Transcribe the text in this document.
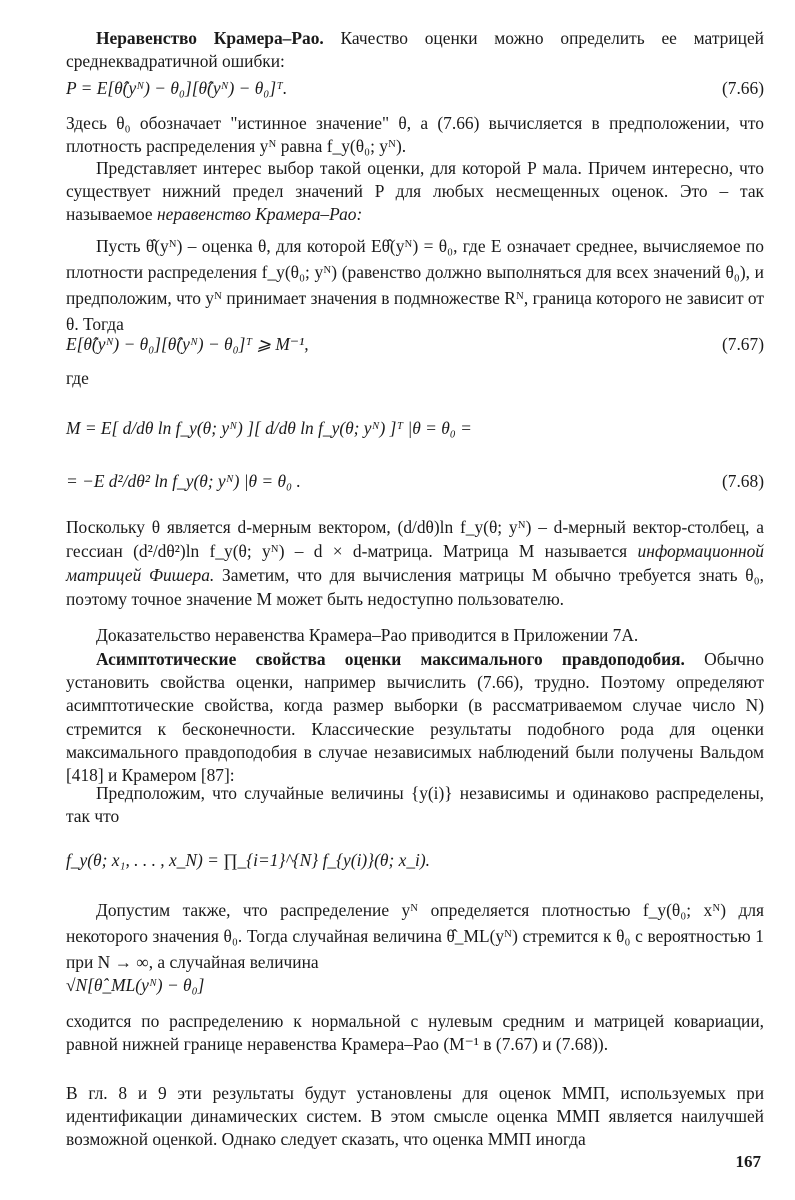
Неравенство Крамера–Рао. Качество оценки можно определить ее матрицей среднеквадратичной ошибки:

P = E[θ̂(yᴺ) − θ₀][θ̂(yᴺ) − θ₀]ᵀ.	(7.66)

Здесь θ₀ обозначает "истинное значение" θ, а (7.66) вычисляется в предположении, что плотность распределения yᴺ равна f_y(θ₀; yᴺ).

Представляет интерес выбор такой оценки, для которой P мала. Причем интересно, что существует нижний предел значений P для любых несмещенных оценок. Это – так называемое неравенство Крамера–Рао:

Пусть θ̂(yᴺ) – оценка θ, для которой Eθ̂(yᴺ) = θ₀, где E означает среднее, вычисляемое по плотности распределения f_y(θ₀; yᴺ) (равенство должно выполняться для всех значений θ₀), и предположим, что yᴺ принимает значения в подмножестве Rᴺ, граница которого не зависит от θ. Тогда

E[θ̂(yᴺ) − θ₀][θ̂(yᴺ) − θ₀]ᵀ ⩾ M⁻¹,	(7.67)

где

M = E[ d/dθ ln f_y(θ; yᴺ) ][ d/dθ ln f_y(θ; yᴺ) ]ᵀ |θ = θ₀ =
= −E d²/dθ² ln f_y(θ; yᴺ) |θ = θ₀ .	(7.68)

Поскольку θ является d-мерным вектором, (d/dθ)ln f_y(θ; yᴺ) – d-мерный вектор-столбец, а гессиан (d²/dθ²)ln f_y(θ; yᴺ) – d × d-матрица. Матрица M называется информационной матрицей Фишера. Заметим, что для вычисления матрицы M обычно требуется знать θ₀, поэтому точное значение M может быть недоступно пользователю.

Доказательство неравенства Крамера–Рао приводится в Приложении 7А.

Асимптотические свойства оценки максимального правдоподобия. Обычно установить свойства оценки, например вычислить (7.66), трудно. Поэтому определяют асимптотические свойства, когда размер выборки (в рассматриваемом случае число N) стремится к бесконечности. Классические результаты подобного рода для оценки максимального правдоподобия в случае независимых наблюдений были получены Вальдом [418] и Крамером [87]:

Предположим, что случайные величины {y(i)} независимы и одинаково распределены, так что

f_y(θ; x₁, . . . , x_N) = ∏_{i=1}^{N} f_{y(i)}(θ; x_i).

Допустим также, что распределение yᴺ определяется плотностью f_y(θ₀; xᴺ) для некоторого значения θ₀. Тогда случайная величина θ̂_ML(yᴺ) стремится к θ₀ с вероятностью 1 при N → ∞, а случайная величина

√N[θ̂_ML(yᴺ) − θ₀]

сходится по распределению к нормальной с нулевым средним и матрицей ковариации, равной нижней границе неравенства Крамера–Рао (M⁻¹ в (7.67) и (7.68)).

В гл. 8 и 9 эти результаты будут установлены для оценок ММП, используемых при идентификации динамических систем. В этом смысле оценка ММП является наилучшей возможной оценкой. Однако следует сказать, что оценка ММП иногда

167
